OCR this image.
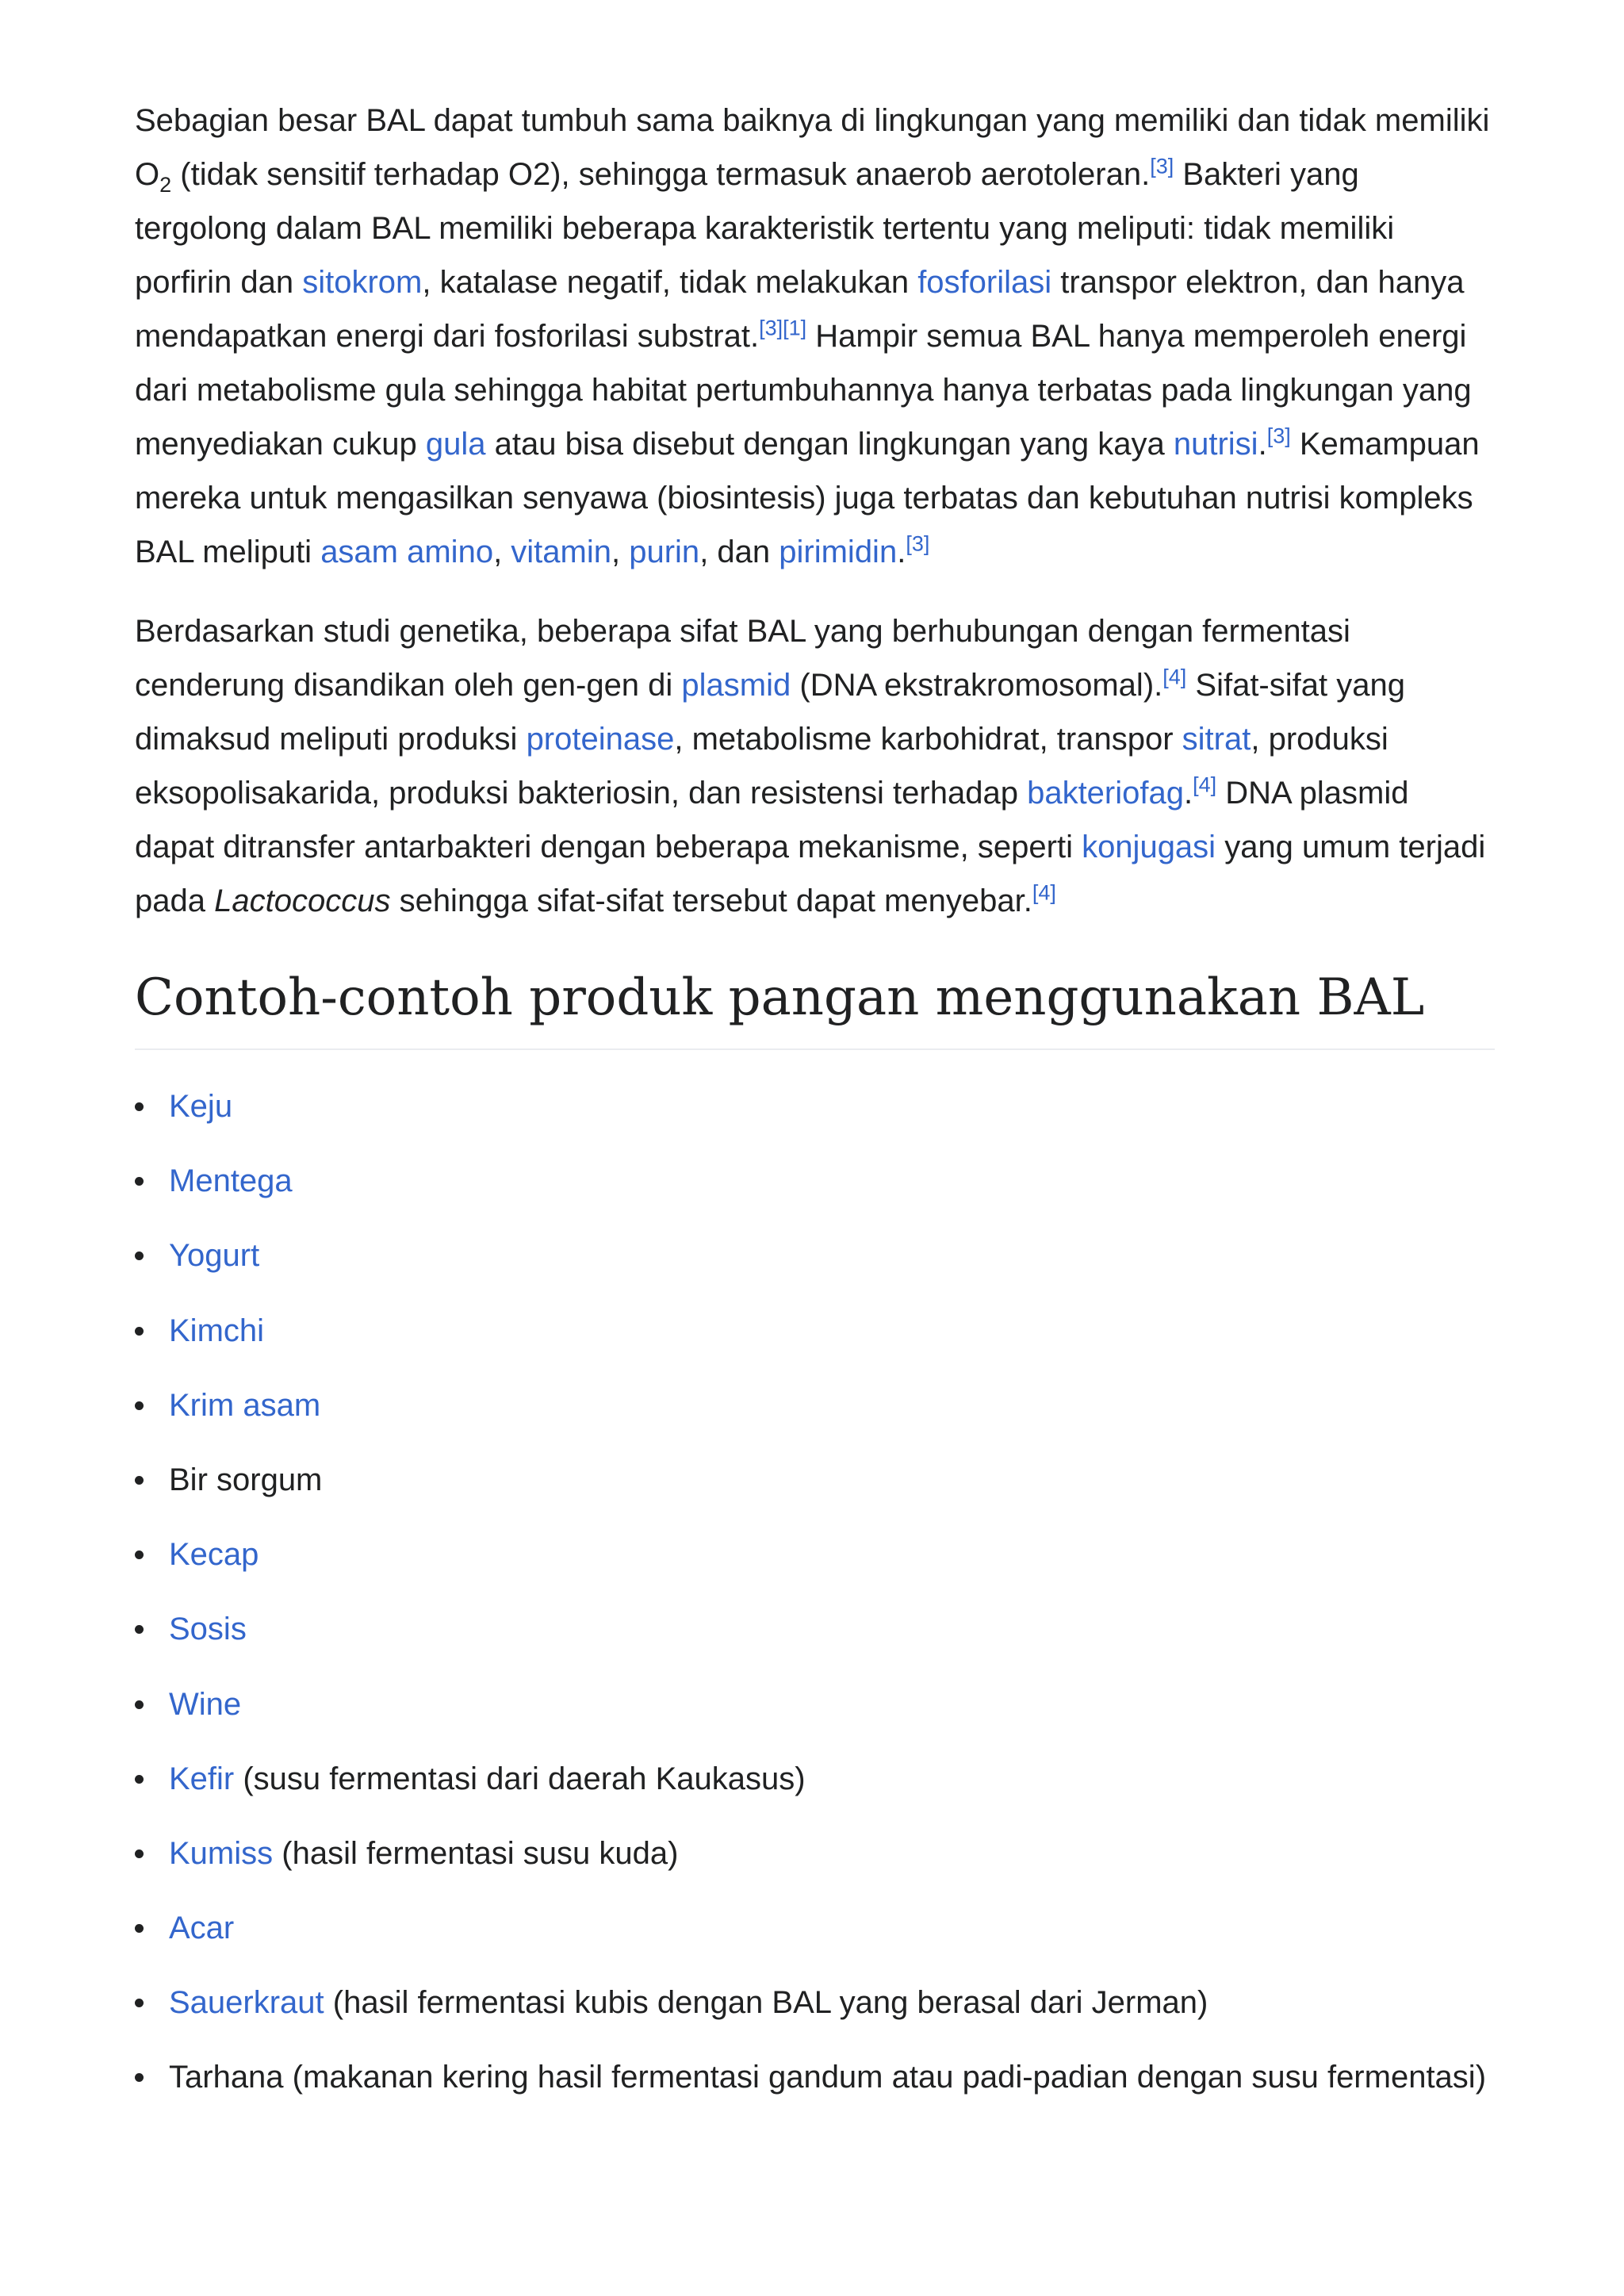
Sebagian besar BAL dapat tumbuh sama baiknya di lingkungan yang memiliki dan tidak memiliki $O_2$ (tidak sensitif terhadap O2), sehingga termasuk anaerob aerotoleran.[3] Bakteri yang tergolong dalam BAL memiliki beberapa karakteristik tertentu yang meliputi: tidak memiliki porfirin dan sitokrom, katalase negatif, tidak melakukan fosforilasi transpor elektron, dan hanya mendapatkan energi dari fosforilasi substrat.[3][1] Hampir semua BAL hanya memperoleh energi dari metabolisme gula sehingga habitat pertumbuhannya hanya terbatas pada lingkungan yang menyediakan cukup gula atau bisa disebut dengan lingkungan yang kaya nutrisi.[3] Kemampuan mereka untuk mengasilkan senyawa (biosintesis) juga terbatas dan kebutuhan nutrisi kompleks BAL meliputi asam amino, vitamin, purin, dan pirimidin.[3]

Berdasarkan studi genetika, beberapa sifat BAL yang berhubungan dengan fermentasi cenderung disandikan oleh gen-gen di plasmid (DNA ekstrakromosomal).[4] Sifat-sifat yang dimaksud meliputi produksi proteinase, metabolisme karbohidrat, transpor sitrat, produksi eksopolisakarida, produksi bakteriosin, dan resistensi terhadap bakteriofag.[4] DNA plasmid dapat ditransfer antarbakteri dengan beberapa mekanisme, seperti konjugasi yang umum terjadi pada Lactococcus sehingga sifat-sifat tersebut dapat menyebar.[4]

Contoh-contoh produk pangan menggunakan BAL
Keju
Mentega
Yogurt
Kimchi
Krim asam
Bir sorgum
Kecap
Sosis
Wine
Kefir (susu fermentasi dari daerah Kaukasus)
Kumiss (hasil fermentasi susu kuda)
Acar
Sauerkraut (hasil fermentasi kubis dengan BAL yang berasal dari Jerman)
Tarhana (makanan kering hasil fermentasi gandum atau padi-padian dengan susu fermentasi)
